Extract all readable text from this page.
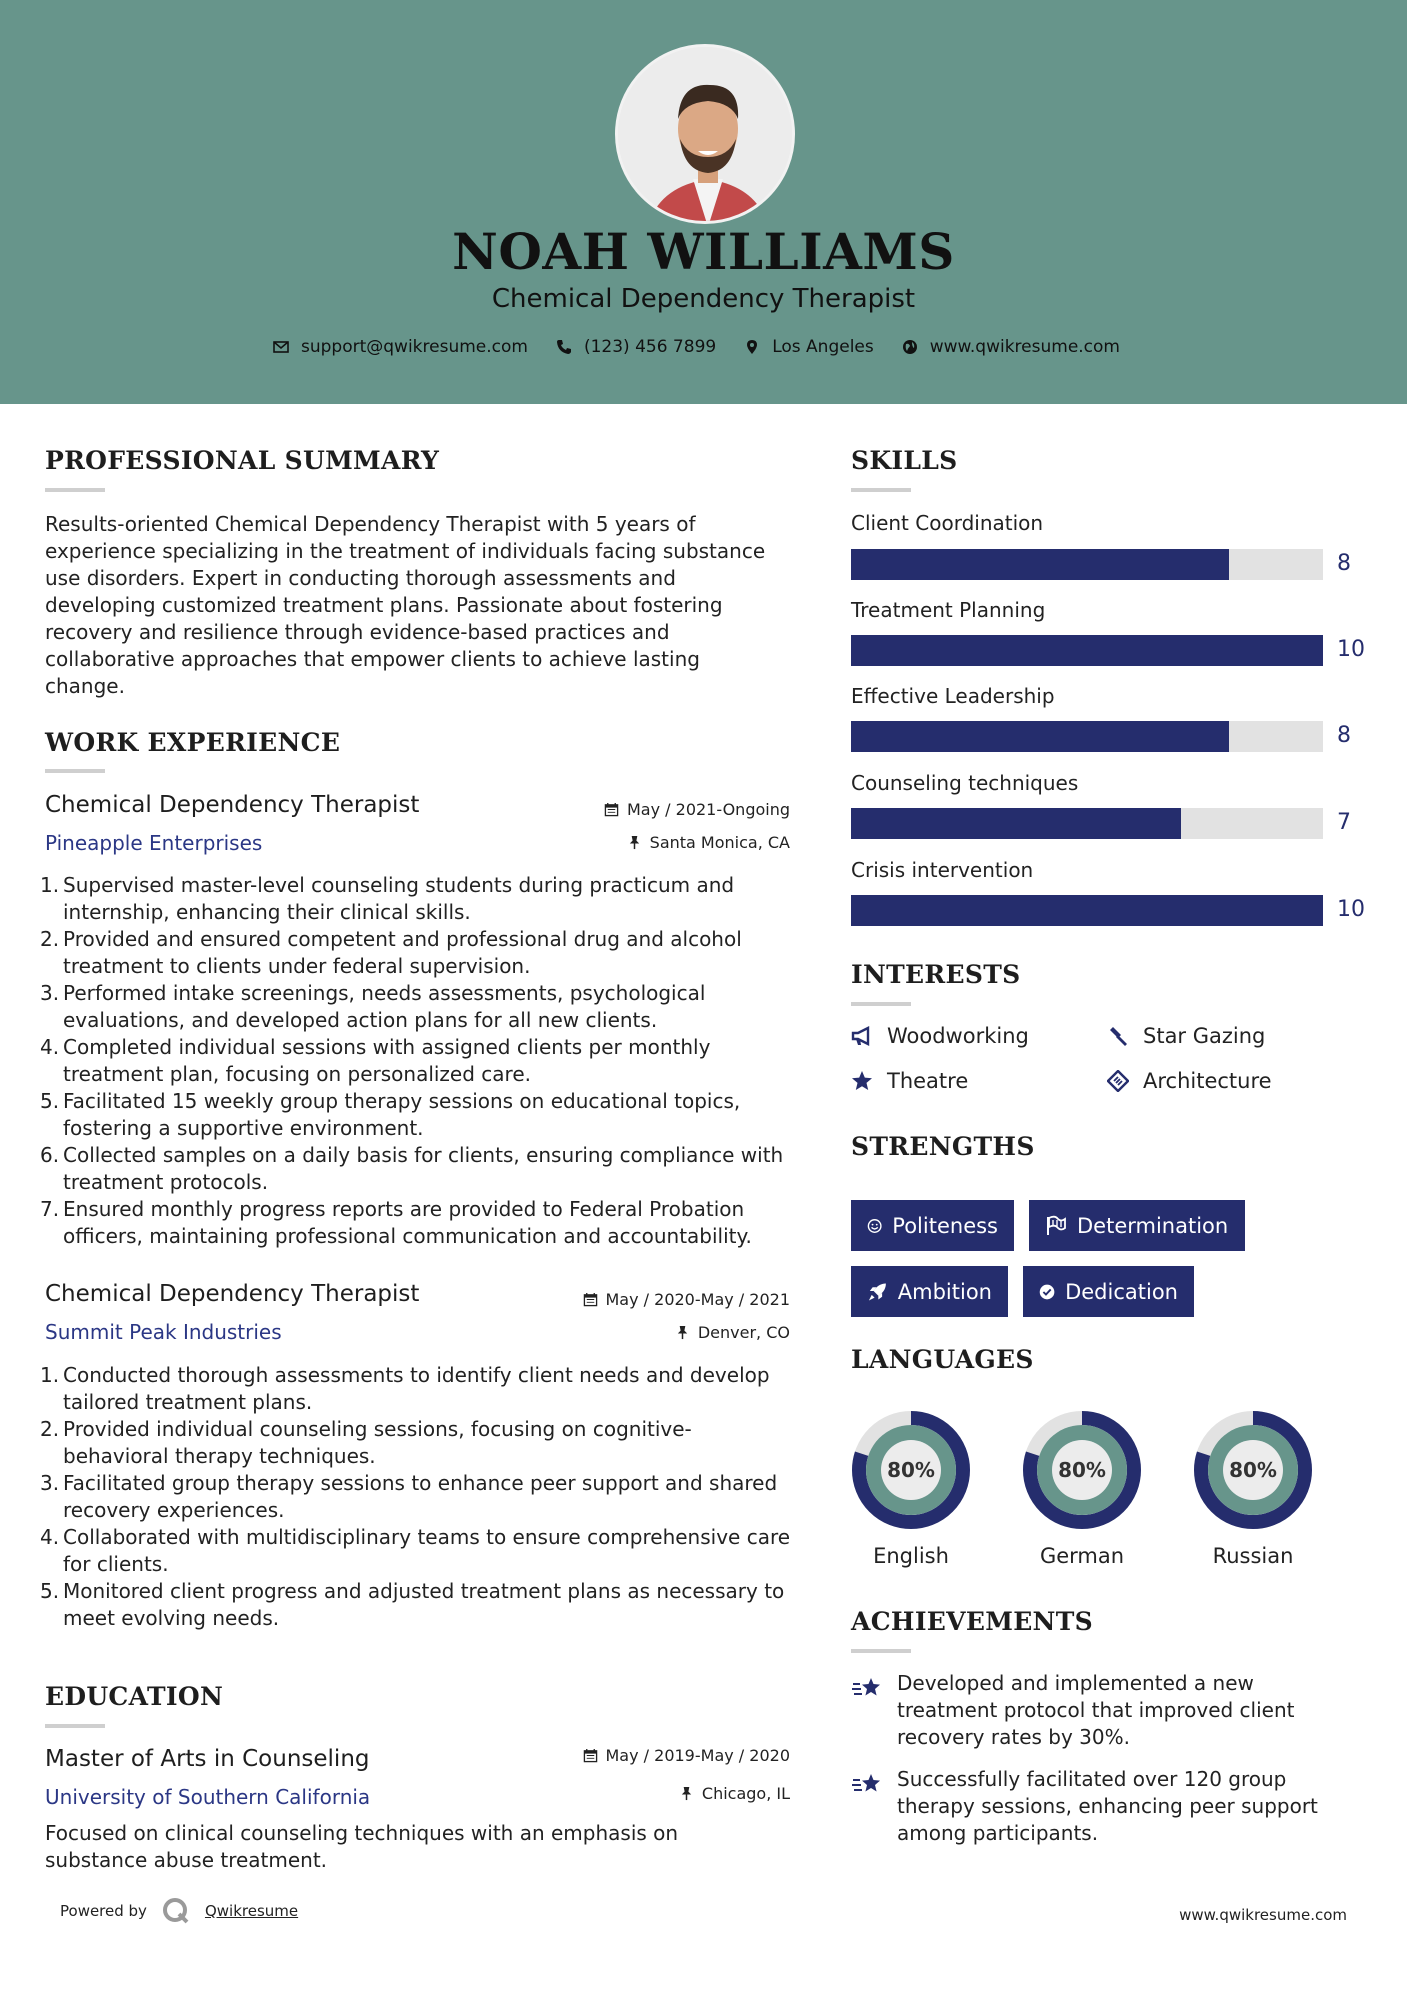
NOAH WILLIAMS
Chemical Dependency Therapist
support@qwikresume.com	(123) 456 7899	Los Angeles	www.qwikresume.com
PROFESSIONAL SUMMARY
Results-oriented Chemical Dependency Therapist with 5 years of experience specializing in the treatment of individuals facing substance use disorders. Expert in conducting thorough assessments and developing customized treatment plans. Passionate about fostering recovery and resilience through evidence-based practices and collaborative approaches that empower clients to achieve lasting change.
WORK EXPERIENCE
Chemical Dependency Therapist	May / 2021-Ongoing
Pineapple Enterprises	Santa Monica, CA
1. Supervised master-level counseling students during practicum and internship, enhancing their clinical skills.
2. Provided and ensured competent and professional drug and alcohol treatment to clients under federal supervision.
3. Performed intake screenings, needs assessments, psychological evaluations, and developed action plans for all new clients.
4. Completed individual sessions with assigned clients per monthly treatment plan, focusing on personalized care.
5. Facilitated 15 weekly group therapy sessions on educational topics, fostering a supportive environment.
6. Collected samples on a daily basis for clients, ensuring compliance with treatment protocols.
7. Ensured monthly progress reports are provided to Federal Probation officers, maintaining professional communication and accountability.
Chemical Dependency Therapist	May / 2020-May / 2021
Summit Peak Industries	Denver, CO
1. Conducted thorough assessments to identify client needs and develop tailored treatment plans.
2. Provided individual counseling sessions, focusing on cognitive-behavioral therapy techniques.
3. Facilitated group therapy sessions to enhance peer support and shared recovery experiences.
4. Collaborated with multidisciplinary teams to ensure comprehensive care for clients.
5. Monitored client progress and adjusted treatment plans as necessary to meet evolving needs.
EDUCATION
Master of Arts in Counseling	May / 2019-May / 2020
University of Southern California	Chicago, IL
Focused on clinical counseling techniques with an emphasis on substance abuse treatment.
SKILLS
Client Coordination
8
Treatment Planning
10
Effective Leadership
8
Counseling techniques
7
Crisis intervention
10
INTERESTS
Woodworking	Star Gazing
Theatre	Architecture
STRENGTHS
Politeness	Determination
Ambition	Dedication
LANGUAGES
80%
English
80%
German
80%
Russian
ACHIEVEMENTS
Developed and implemented a new treatment protocol that improved client recovery rates by 30%.
Successfully facilitated over 120 group therapy sessions, enhancing peer support among participants.
Powered by	Qwikresume	www.qwikresume.com
